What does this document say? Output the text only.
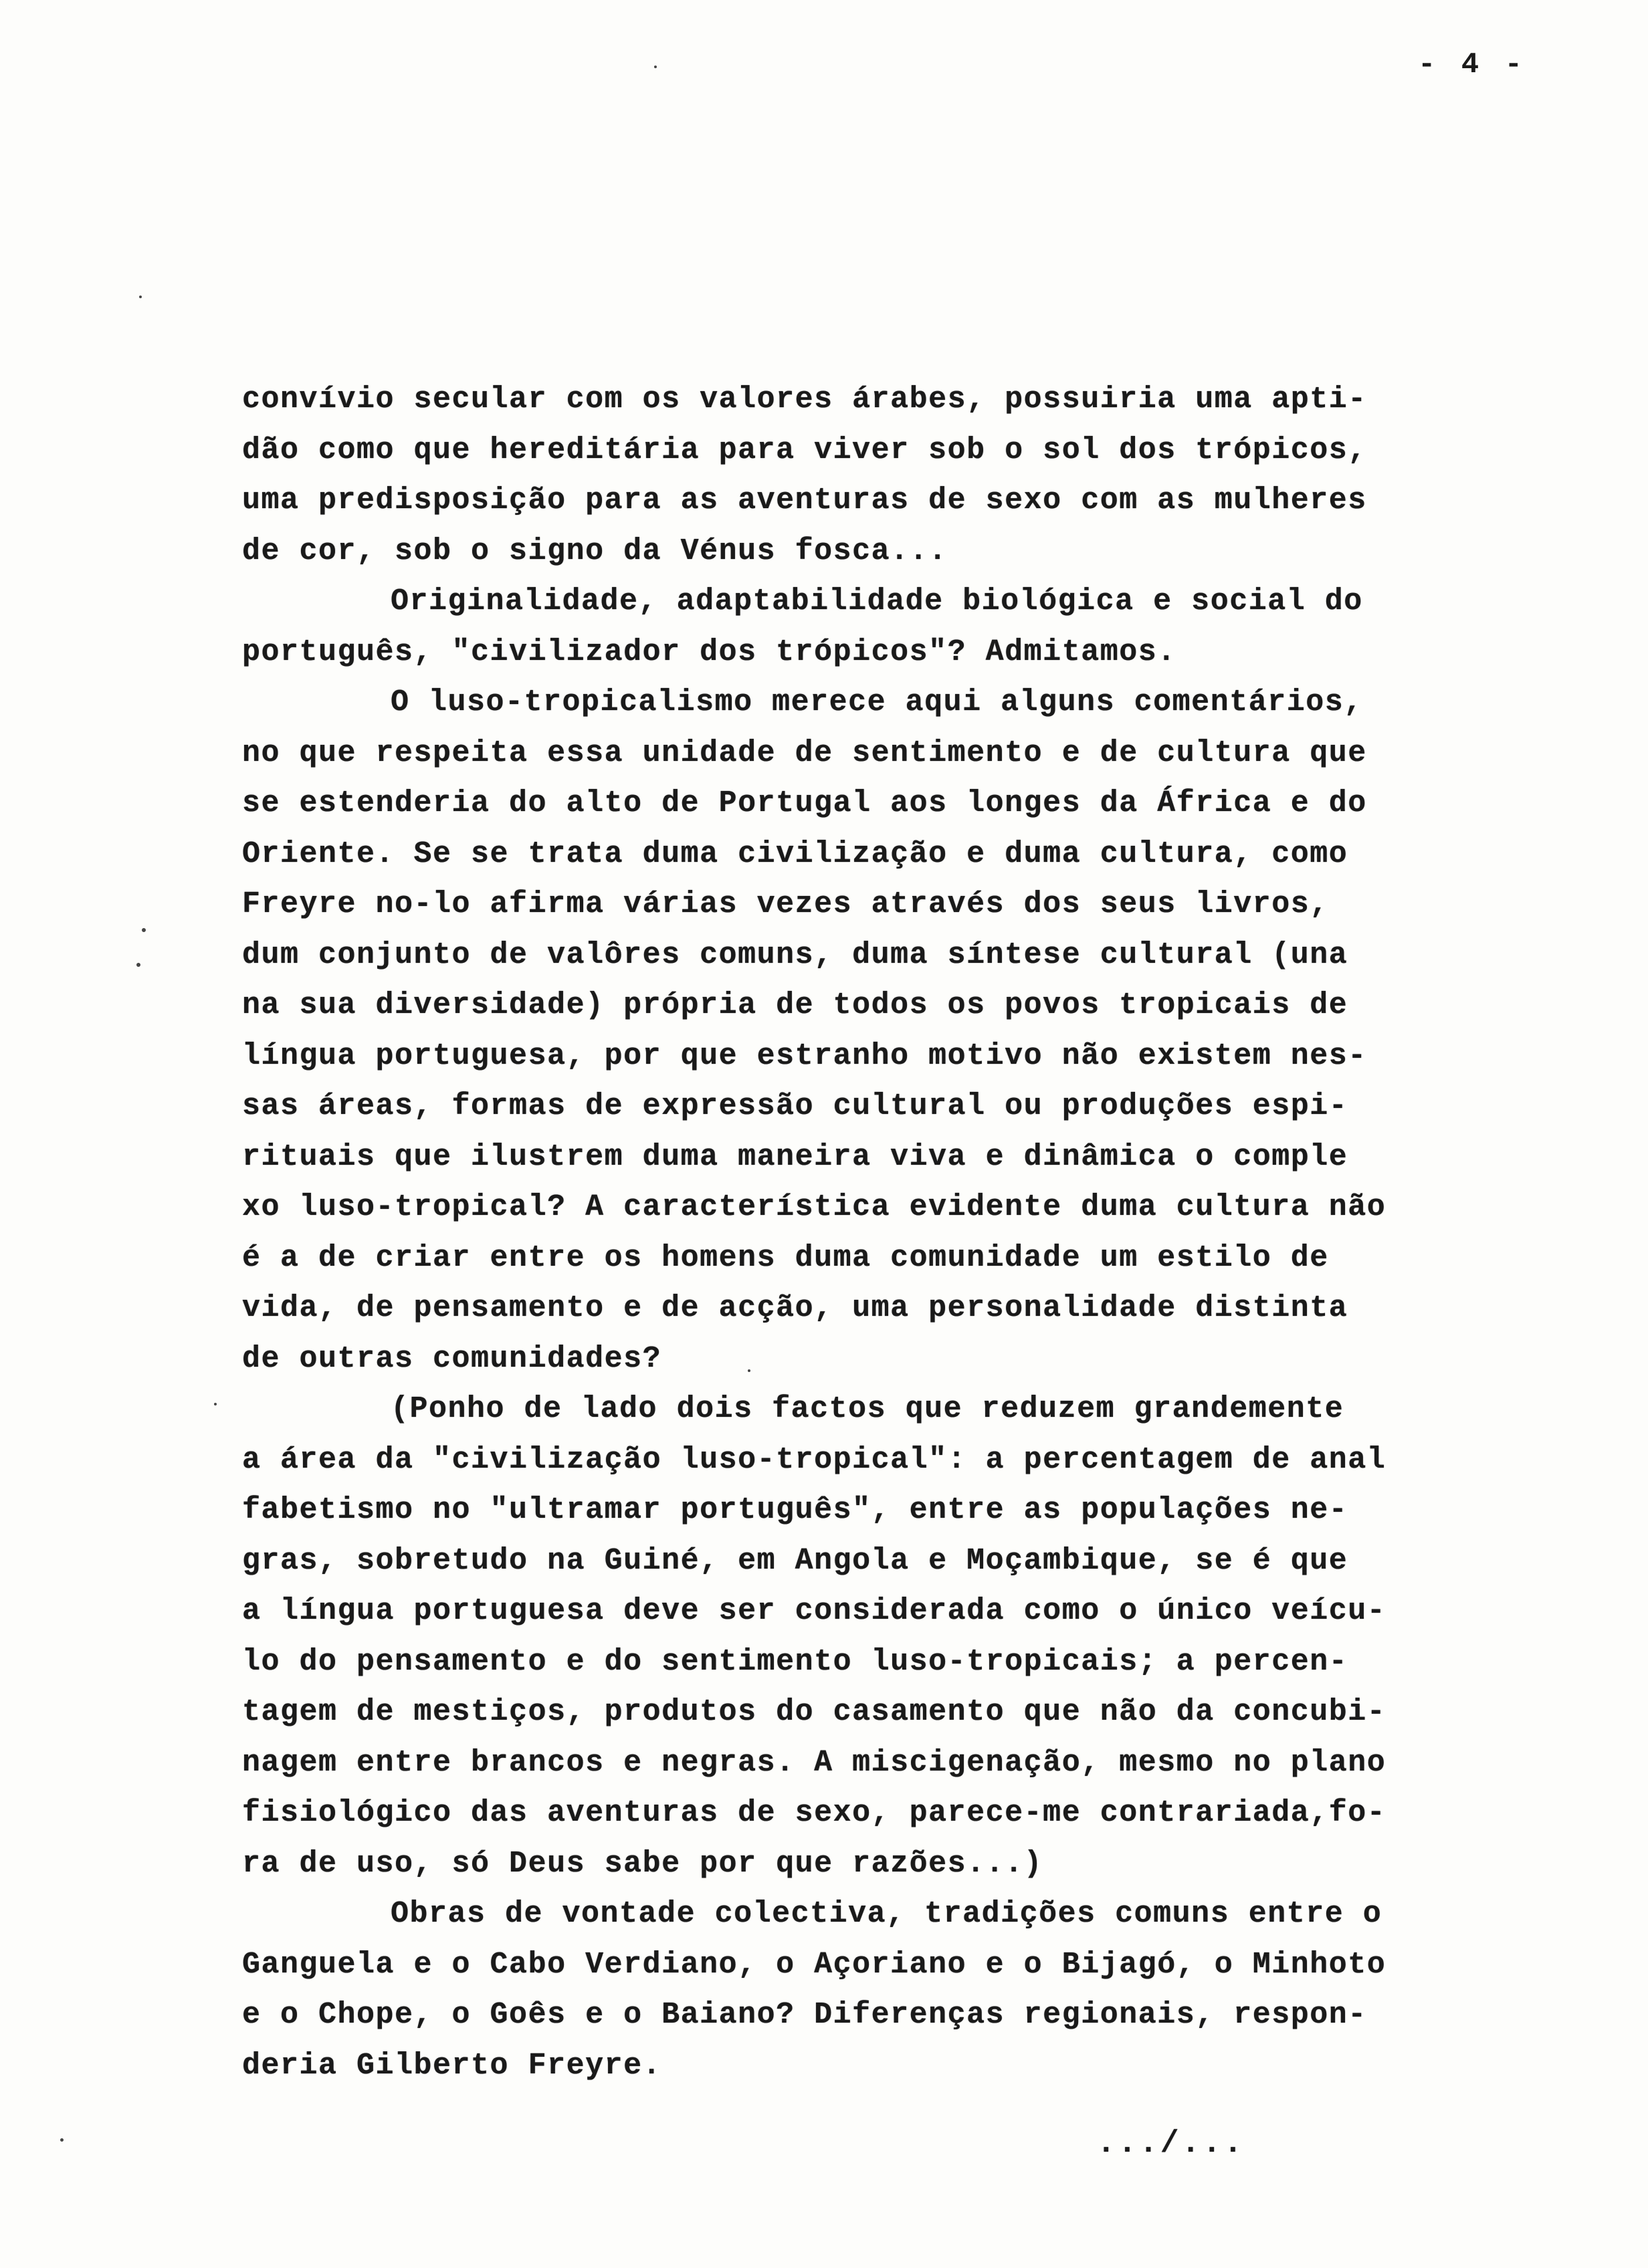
- 4 -
convívio secular com os valores árabes, possuiria uma apti-
dão como que hereditária para viver sob o sol dos trópicos,
uma predisposição para as aventuras de sexo com as mulheres
de cor, sob o signo da Vénus fosca...
Originalidade, adaptabilidade biológica e social do
português, "civilizador dos trópicos"? Admitamos.
O luso-tropicalismo merece aqui alguns comentários,
no que respeita essa unidade de sentimento e de cultura que
se estenderia do alto de Portugal aos longes da África e do
Oriente. Se se trata duma civilização e duma cultura, como
Freyre no-lo afirma várias vezes através dos seus livros,
dum conjunto de valôres comuns, duma síntese cultural (una
na sua diversidade) própria de todos os povos tropicais de
língua portuguesa, por que estranho motivo não existem nes-
sas áreas, formas de expressão cultural ou produções espi-
rituais que ilustrem duma maneira viva e dinâmica o comple
xo luso-tropical? A característica evidente duma cultura não
é a de criar entre os homens duma comunidade um estilo de
vida, de pensamento e de acção, uma personalidade distinta
de outras comunidades?
(Ponho de lado dois factos que reduzem grandemente
a área da "civilização luso-tropical": a percentagem de anal
fabetismo no "ultramar português", entre as populações ne-
gras, sobretudo na Guiné, em Angola e Moçambique, se é que
a língua portuguesa deve ser considerada como o único veícu-
lo do pensamento e do sentimento luso-tropicais; a percen-
tagem de mestiços, produtos do casamento que não da concubi-
nagem entre brancos e negras. A miscigenação, mesmo no plano
fisiológico das aventuras de sexo, parece-me contrariada,fo-
ra de uso, só Deus sabe por que razões...)
Obras de vontade colectiva, tradições comuns entre o
Ganguela e o Cabo Verdiano, o Açoriano e o Bijagó, o Minhoto
e o Chope, o Goês e o Baiano? Diferenças regionais, respon-
deria Gilberto Freyre.
.../...
